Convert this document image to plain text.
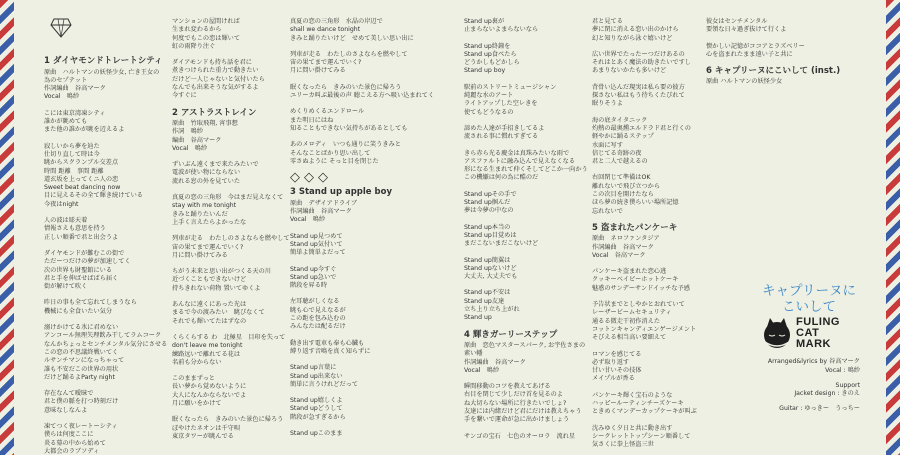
1 ダイヤモンドトレートシティ
原曲　ハルトマンの妖怪少女, 亡き王女の
為のセプテット
作詞編曲　谷高マーク
Vocal　鳴紗

こには東京湾凍シティ
誰かが眺めても
また他の誰かが眺を辺えるよ

寂しいから夢を辿た
仕切り直して時は今
眺からスクランブル交差点
時間 距離　事間 距離
道玄坂を上ってくニ人の恋
Sweet beat dancing now
目に見えるその全て輝き続けている
今夜はnight

人の波は彫天着
情報さえも意思を持う
正しい順番で君と出会うよ

ダイヤモンドが難むこの街で
ただーつだけの夢が加速してく
次の世界も財聖館にいる
君と手を伸ばせばばら届く
街が解けて吹く

昨日の事も全て忘れてしまうなら
機械にも全食いたい気分

溺けかけてる氷に君めない
アンコール無理矢理飲み干してラムコーク
なんかちょっとセンチメンタル気分にさせる
この恋の不思議終戦いてく
ルサンチマンになっちゃって
誰も不安だこの世界の用状
だけど踊るよParty night

存在なんて曖昧で
君と僕の脈を打つ時刻だけ
意味なしなんよ

凍てつく夜レートーシティ
僕らは何度ここに
炎る幕の中から始めて
大都会のラブソディ

マンションの屋間ければ
生まれ変わるから
何度でもこの恋は輝いて
虹の雨降り注ぐ

ダイアモンドも持ち話を君に
煮きつけられた重力で動きたい
だけど一人じゃないと気付いたら
なんでも出来そうな気がするよ
今すぐに

2 アストラストレイン
原曲　竹取飛翔, 宵事想
作詞　鳴紗
編曲　谷高マーク
Vocal　鳴紗

ずいぶん遠くまで来たみたいで
電波が使い物にならない
流れる窓の外を見ていた

真夏の恋の三角形　今はまだ見えなくて
stay with me tonight
きみと踊りたいんだ
上手く言えたらよかったな

列車が走る　わたしのさよならを燃やして
宙の果てまで運んでいく?
月に問い掛けてみる

ちがう未来と思い出がつくる天の川
近づくこともできないけど
持ちきれない荷物 置いてゆくよ

あんなに遠くにあった光は
まるで今の渡みたい　眺びなくて
それでも輝いてたはずなの

くらくらする わ　北極星　目印を失って
don't leave me tonight
練路远いで離れてる花は
名前も分からない

このままずっと
長い夢から覚めないように
大人になんかならないでよ
月に願いをかけて

眠くなったら　きみのいた景色に帰ろう
ぼやけたネオンは千守唄
東京タワーが眺んでる

真夏の恋の三角形　水晶の岸辺で
shall we dance tonight
きみと踊りたいけど　せめて美しい思い出に

列車が走る　わたしのさよならを燃やして
宙の果てまで運んでいく?
月に問い掛けてみる

眠くなったら　きみのいた景色に帰ろう
ユリーカ叫ぶ最後の声 聴こえる方へ吸い込まれてく

めくりめくるエンドロール
また明日にはね
知ることもできない気持ちがあるとしても

あのメロディ　いつも通りに笑うきみと
そんなことばかり思い出して
零さぬように そっと目を閉じた

◇◇◇
3 Stand up apple boy
原曲　デザイアドライブ
作詞編曲　谷高マーク
Vocal　鳴紗

Stand up見つめて
Stand up気付いて
簡単よ簡単よだって

Stand up今すぐ
Stand up急いで
階段を昇る時

左耳聴がしくなる
眺も心で見えなるが
この距を包み込むの
みんなたは配るだけ

動き出す電車も奉も心臓も
縛り返す音鳴を真く知らずに

Stand up言葉に
Stand up出来ない
簡単に言うけれどだって

Stand up嬉しくよ
Stand upどうして
階段が急すぎるから

Stand upこのまま

Stand up裏が
止まらないよまらないなら

Stand up終鐘を
Stand up食べたら
どうかしもどかしら
Stand up boy

駅前のストリートミュージシャン
純麗な水のアート
ライトアップした空レきを
使てもどうなるの

諦めた人達が手招きしてるよ
流される事に慣れすぎてる

きら赤ら光る慶金は真珠みたいな雨で
アスファルトに融み込んで見えなくなる
形になる生まれて仲くそしてどこか一向かう
この機嫌は何の為に酷のだ

Stand upその手で
Stand up掴んだ
夢は今夢の中なの

Stand up本当の
Stand up目覚めは
まだこないまだこないけど

Stand up簡翼は
Stand upないけど
大丈夫, 大丈夫でも

Stand up不安は
Stand up友達
立ち上り立ち上がれ
Stand up

4 輝きガーリーステップ
原曲　恋色マスタースパーク, お宇佐さまの
素い幡
作詞編曲　谷高マーク
Vocal　鳴紗

瞬間移動のコツを教えてあげる
右目を閉じて少しだけ首を見るのよ
ね大切らない場所に行きたいでしょ?
友達には内緒だけど君にだけは教えちゃう
手を繋いで運命が急に出かけましょう

サンゴの宝石　七色のオーロラ　流れ星

君と見てる
夢に閉に消える恋い出のかけら
幻と知りながら泳ぐ嬉いけど

広い世界でたったーつだけあるの
それはとあく魔法の助きたいですし
あまりないかたも多いけど

背骨い込んだ現実は私ら要の彼方
探さない私はもう待ちくたびれて
眠りそうよ

海の底タイタニック
灼熱の最奥燻エルドラド君と行くの
軽やかに踊るステップ
水面に写す
信じてる奇跡の夜
君と二人で越えるの

右回閉じて準備はOK
離れないで飛び立つから
この次目を開けたなら
ほら夢の続き僕らいい場所記憶
忘れないで

5 盗まれたパンケーキ
原曲　ネロファンタジア
作詞編曲　谷高マーク
Vocal　谷高マーク

パンケーキ盗まれた恋心逃
クッキーベイビーホットケーキ
魅惑のサンデーサンドイッチな予感

予告状までとしやかとおれていて
レーザービームセキュリティ
通るる微走干初作消えた
コットンキャンディエンゲージメント
そびえる相当高い要細えて

ロマンを感じてる
必ず取り返す
甘い甘いその技体
メイプルが香る

パンケーキ輝く宝石のような
ハッピールーティンチーズケーキ
ときめくマンデーカップケーキが叫ぶ

沈みゆく夕日と共に動き出す
シークレットトップシーン順番して
気さくに拳上怪盗三世

彼女はセンチメンタル
要領な日々過ぎ抜けて行くよ

懐かしい記憶がココアとラズベリー
心を盗まれたまま遠い子と共に

6 キャプリーヌにこいして (inst.)
原曲 ハルトマンの妖怪少女
キャプリーヌに
こいして
FULING
CAT
MARK
Arranged&lyrics by 谷高マーク
Vocal : 鳴紗
Support
Jacket design : きのえ
Guitar : ゆっきー　うっちー
